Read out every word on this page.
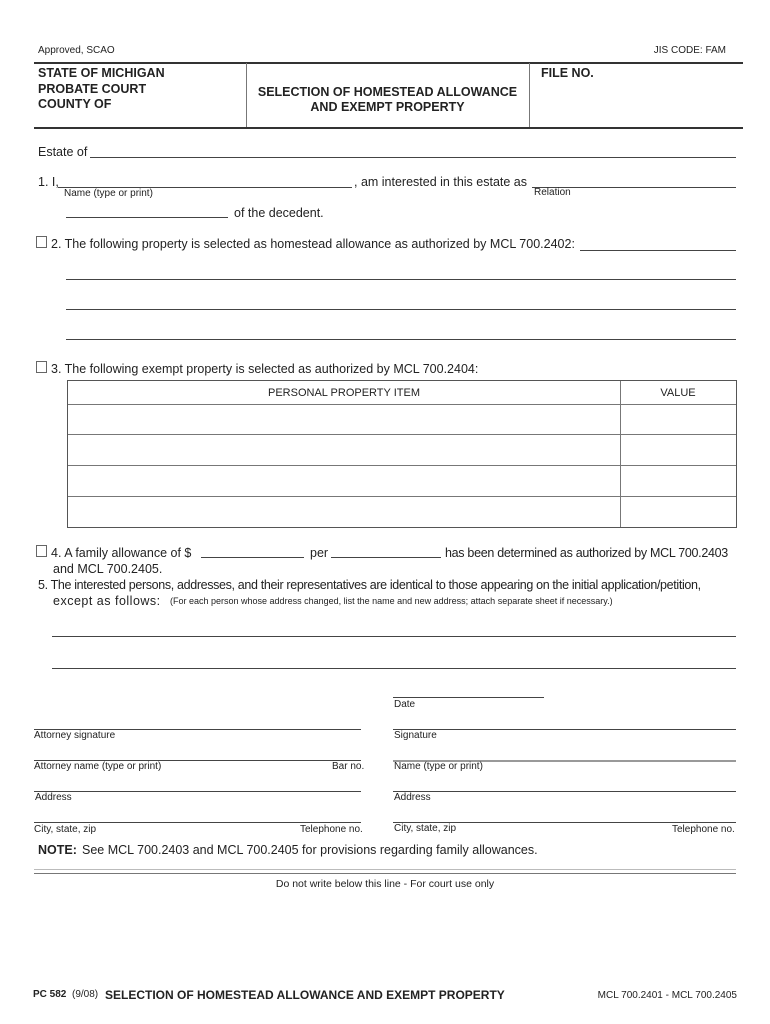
Approved, SCAO	JIS CODE: FAM
STATE OF MICHIGAN
PROBATE COURT
COUNTY OF
SELECTION OF HOMESTEAD ALLOWANCE
AND EXEMPT PROPERTY
FILE NO.
Estate of
1. I,	, am interested in this estate as
Name (type or print)	Relation
of the decedent.
2. The following property is selected as homestead allowance as authorized by MCL 700.2402:
3. The following exempt property is selected as authorized by MCL 700.2404:
PERSONAL PROPERTY ITEM	VALUE
4. A family allowance of $	per	has been determined as authorized by MCL 700.2403
and MCL 700.2405.
5. The interested persons, addresses, and their representatives are identical to those appearing on the initial application/petition,
except as follows: (For each person whose address changed, list the name and new address; attach separate sheet if necessary.)
Date
Attorney signature	Signature
Attorney name (type or print)	Bar no.	Name (type or print)
Address	Address
City, state, zip	Telephone no.	City, state, zip	Telephone no.
NOTE: See MCL 700.2403 and MCL 700.2405 for provisions regarding family allowances.
Do not write below this line - For court use only
PC 582 (9/08) SELECTION OF HOMESTEAD ALLOWANCE AND EXEMPT PROPERTY	MCL 700.2401 - MCL 700.2405
